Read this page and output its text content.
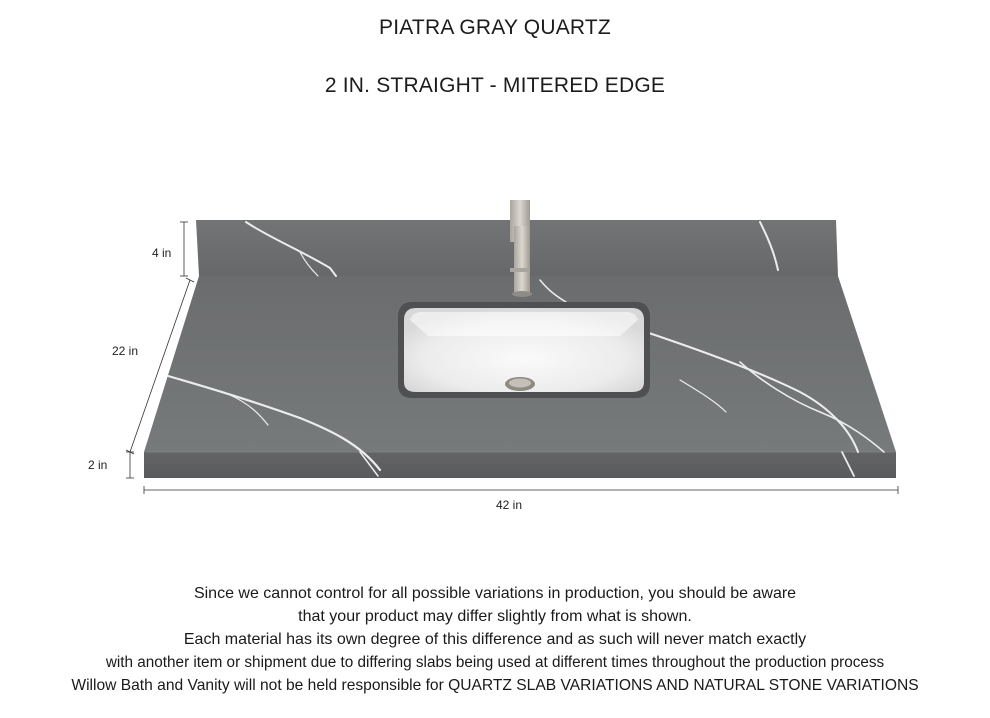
PIATRA GRAY QUARTZ
2 IN. STRAIGHT - MITERED EDGE
4 in
22 in
2 in
42 in
Since we cannot control for all possible variations in production, you should be aware
that your product may differ slightly from what is shown.
Each material has its own degree of this difference and as such will never match exactly
with another item or shipment due to differing slabs being used at different times throughout the production process
Willow Bath and Vanity will not be held responsible for QUARTZ SLAB VARIATIONS AND NATURAL STONE VARIATIONS
